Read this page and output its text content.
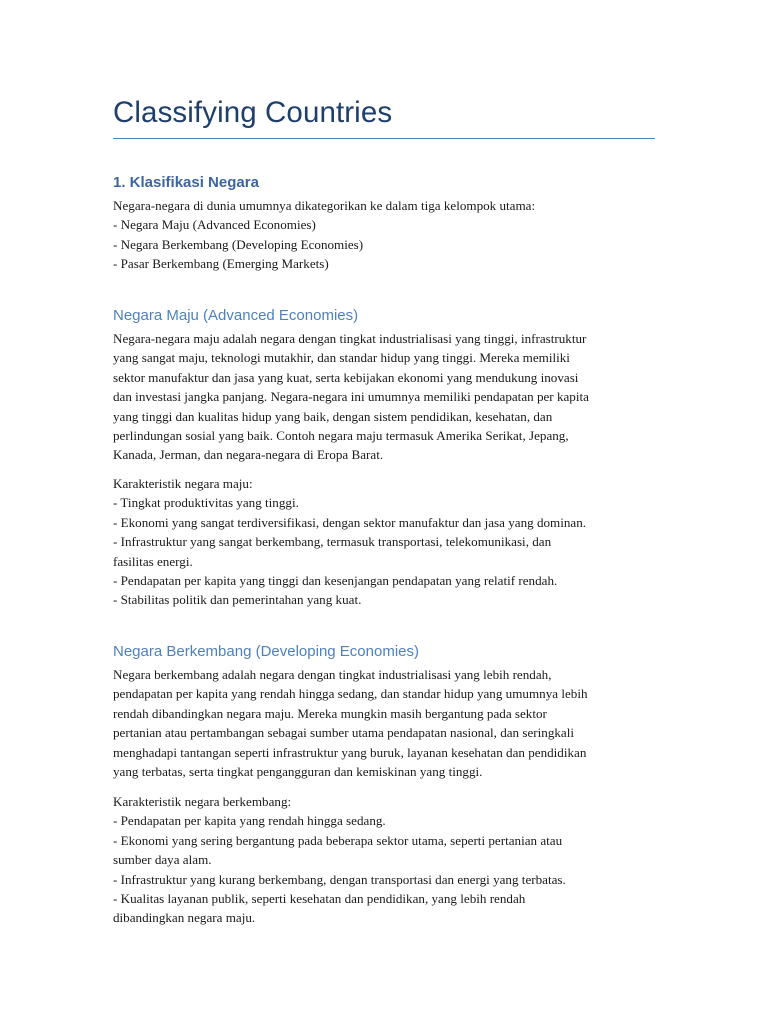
Classifying Countries
1. Klasifikasi Negara
Negara-negara di dunia umumnya dikategorikan ke dalam tiga kelompok utama:
- Negara Maju (Advanced Economies)
- Negara Berkembang (Developing Economies)
- Pasar Berkembang (Emerging Markets)
Negara Maju (Advanced Economies)
Negara-negara maju adalah negara dengan tingkat industrialisasi yang tinggi, infrastruktur
yang sangat maju, teknologi mutakhir, dan standar hidup yang tinggi. Mereka memiliki
sektor manufaktur dan jasa yang kuat, serta kebijakan ekonomi yang mendukung inovasi
dan investasi jangka panjang. Negara-negara ini umumnya memiliki pendapatan per kapita
yang tinggi dan kualitas hidup yang baik, dengan sistem pendidikan, kesehatan, dan
perlindungan sosial yang baik. Contoh negara maju termasuk Amerika Serikat, Jepang,
Kanada, Jerman, dan negara-negara di Eropa Barat.
Karakteristik negara maju:
- Tingkat produktivitas yang tinggi.
- Ekonomi yang sangat terdiversifikasi, dengan sektor manufaktur dan jasa yang dominan.
- Infrastruktur yang sangat berkembang, termasuk transportasi, telekomunikasi, dan
fasilitas energi.
- Pendapatan per kapita yang tinggi dan kesenjangan pendapatan yang relatif rendah.
- Stabilitas politik dan pemerintahan yang kuat.
Negara Berkembang (Developing Economies)
Negara berkembang adalah negara dengan tingkat industrialisasi yang lebih rendah,
pendapatan per kapita yang rendah hingga sedang, dan standar hidup yang umumnya lebih
rendah dibandingkan negara maju. Mereka mungkin masih bergantung pada sektor
pertanian atau pertambangan sebagai sumber utama pendapatan nasional, dan seringkali
menghadapi tantangan seperti infrastruktur yang buruk, layanan kesehatan dan pendidikan
yang terbatas, serta tingkat pengangguran dan kemiskinan yang tinggi.
Karakteristik negara berkembang:
- Pendapatan per kapita yang rendah hingga sedang.
- Ekonomi yang sering bergantung pada beberapa sektor utama, seperti pertanian atau
sumber daya alam.
- Infrastruktur yang kurang berkembang, dengan transportasi dan energi yang terbatas.
- Kualitas layanan publik, seperti kesehatan dan pendidikan, yang lebih rendah
dibandingkan negara maju.
